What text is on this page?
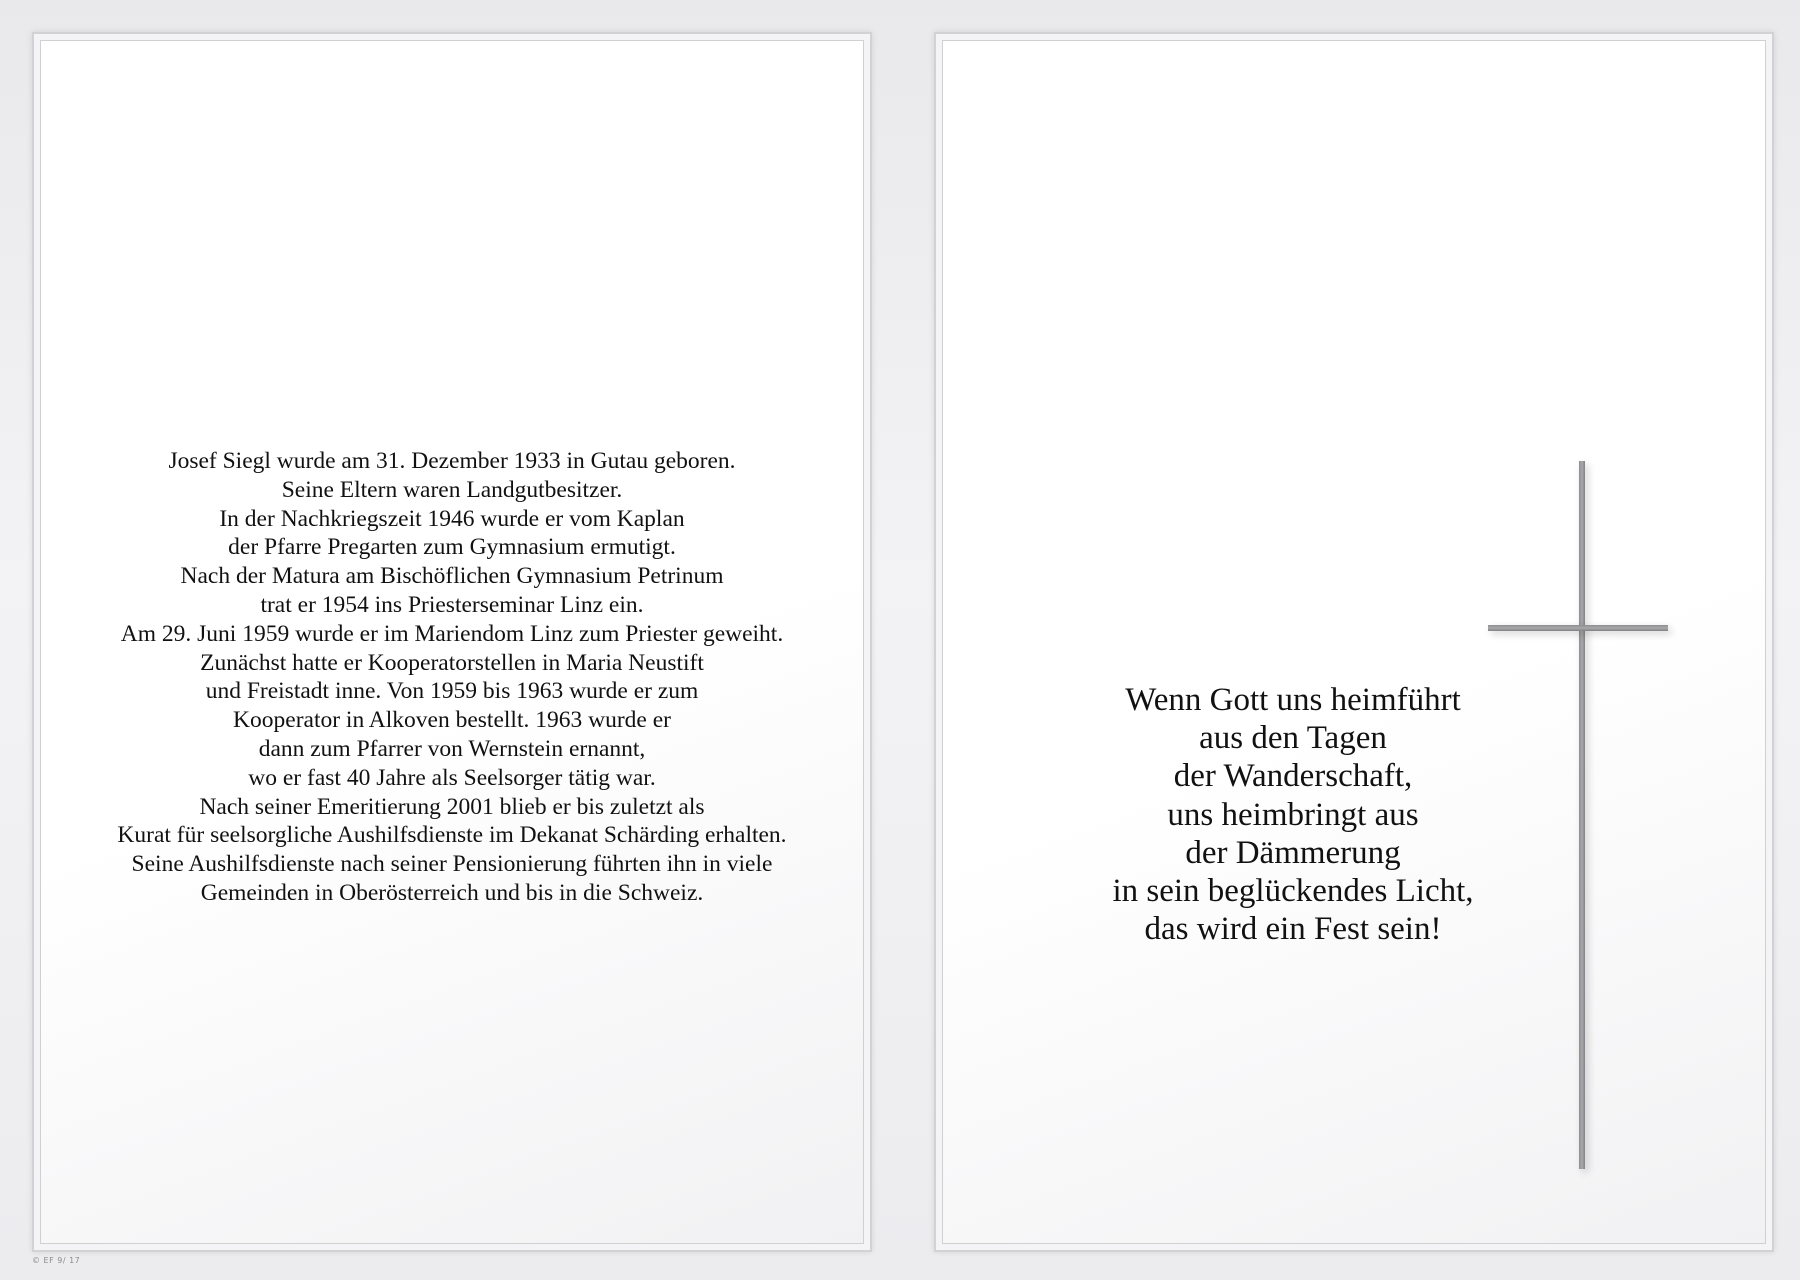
Josef Siegl wurde am 31. Dezember 1933 in Gutau geboren.
Seine Eltern waren Landgutbesitzer.
In der Nachkriegszeit 1946 wurde er vom Kaplan
der Pfarre Pregarten zum Gymnasium ermutigt.
Nach der Matura am Bischöflichen Gymnasium Petrinum
trat er 1954 ins Priesterseminar Linz ein.
Am 29. Juni 1959 wurde er im Mariendom Linz zum Priester geweiht.
Zunächst hatte er Kooperatorstellen in Maria Neustift
und Freistadt inne. Von 1959 bis 1963 wurde er zum
Kooperator in Alkoven bestellt. 1963 wurde er
dann zum Pfarrer von Wernstein ernannt,
wo er fast 40 Jahre als Seelsorger tätig war.
Nach seiner Emeritierung 2001 blieb er bis zuletzt als
Kurat für seelsorgliche Aushilfsdienste im Dekanat Schärding erhalten.
Seine Aushilfsdienste nach seiner Pensionierung führten ihn in viele
Gemeinden in Oberösterreich und bis in die Schweiz.
Wenn Gott uns heimführt
aus den Tagen
der Wanderschaft,
uns heimbringt aus
der Dämmerung
in sein beglückendes Licht,
das wird ein Fest sein!
© EF 9/ 17
